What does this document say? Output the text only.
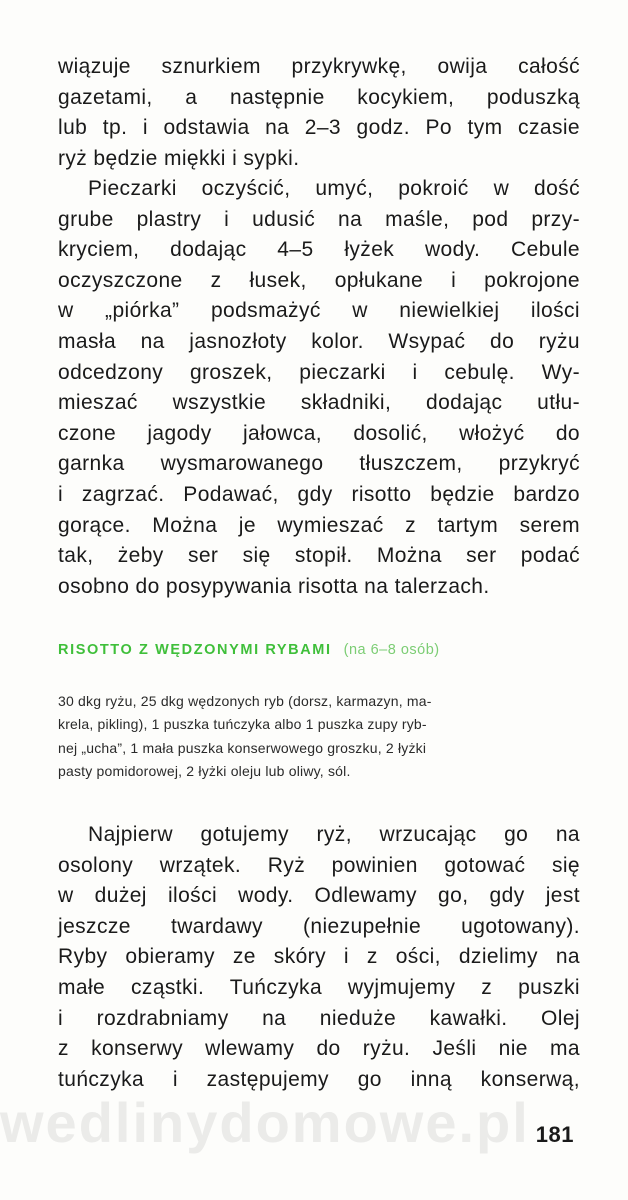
wiązuje sznurkiem przykrywkę, owija całość
gazetami, a następnie kocykiem, poduszką
lub tp. i odstawia na 2–3 godz. Po tym czasie
ryż będzie miękki i sypki.

Pieczarki oczyścić, umyć, pokroić w dość
grube plastry i udusić na maśle, pod przy-
kryciem, dodając 4–5 łyżek wody. Cebule
oczyszczone z łusek, opłukane i pokrojone
w „piórka” podsmażyć w niewielkiej ilości
masła na jasnozłoty kolor. Wsypać do ryżu
odcedzony groszek, pieczarki i cebulę. Wy-
mieszać wszystkie składniki, dodając utłu-
czone jagody jałowca, dosolić, włożyć do
garnka wysmarowanego tłuszczem, przykryć
i zagrzać. Podawać, gdy risotto będzie bardzo
gorące. Można je wymieszać z tartym serem
tak, żeby ser się stopił. Można ser podać
osobno do posypywania risotta na talerzach.

RISOTTO Z WĘDZONYMI RYBAMI (na 6–8 osób)

30 dkg ryżu, 25 dkg wędzonych ryb (dorsz, karmazyn, ma-
krela, pikling), 1 puszka tuńczyka albo 1 puszka zupy ryb-
nej „ucha”, 1 mała puszka konserwowego groszku, 2 łyżki
pasty pomidorowej, 2 łyżki oleju lub oliwy, sól.

Najpierw gotujemy ryż, wrzucając go na
osolony wrzątek. Ryż powinien gotować się
w dużej ilości wody. Odlewamy go, gdy jest
jeszcze twardawy (niezupełnie ugotowany).
Ryby obieramy ze skóry i z ości, dzielimy na
małe cząstki. Tuńczyka wyjmujemy z puszki
i rozdrabniamy na nieduże kawałki. Olej
z konserwy wlewamy do ryżu. Jeśli nie ma
tuńczyka i zastępujemy go inną konserwą,

wedlinydomowe.pl 181
